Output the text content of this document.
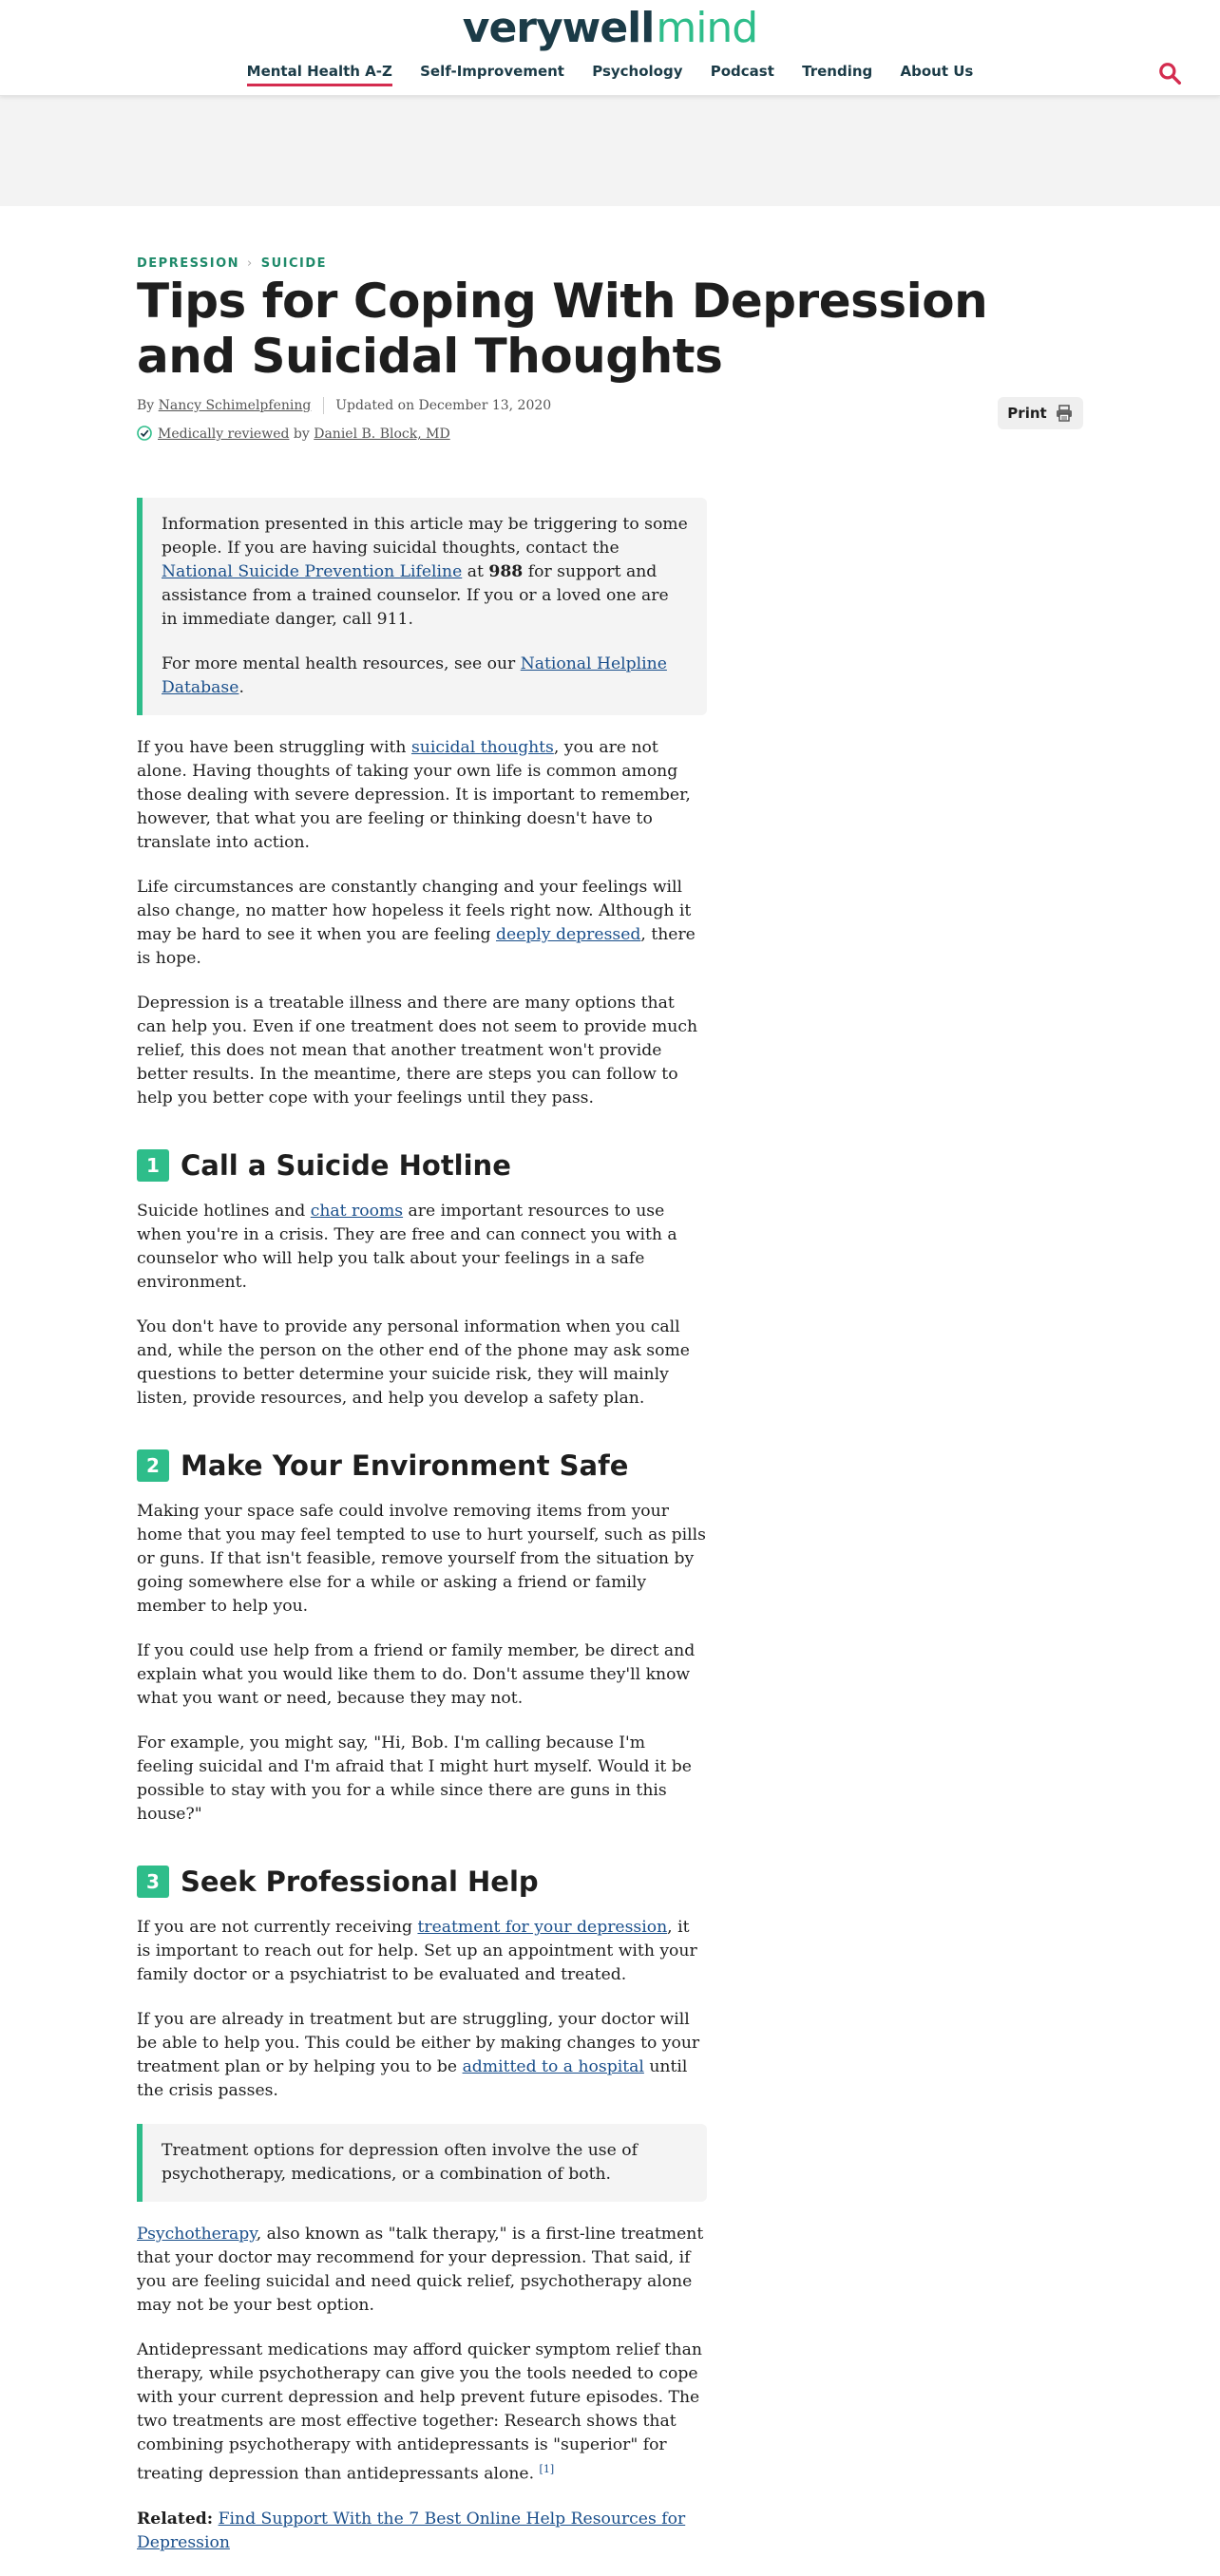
verywellmind
Mental Health A-Z Self-Improvement Psychology Podcast Trending About Us
DEPRESSION › SUICIDE
Tips for Coping With Depression and Suicidal Thoughts
By Nancy Schimelpfening Updated on December 13, 2020
Medically reviewed by Daniel B. Block, MD
Print

Information presented in this article may be triggering to some people. If you are having suicidal thoughts, contact the National Suicide Prevention Lifeline at 988 for support and assistance from a trained counselor. If you or a loved one are in immediate danger, call 911.

For more mental health resources, see our National Helpline Database.

If you have been struggling with suicidal thoughts, you are not alone. Having thoughts of taking your own life is common among those dealing with severe depression. It is important to remember, however, that what you are feeling or thinking doesn't have to translate into action.

Life circumstances are constantly changing and your feelings will also change, no matter how hopeless it feels right now. Although it may be hard to see it when you are feeling deeply depressed, there is hope.

Depression is a treatable illness and there are many options that can help you. Even if one treatment does not seem to provide much relief, this does not mean that another treatment won't provide better results. In the meantime, there are steps you can follow to help you better cope with your feelings until they pass.

1 Call a Suicide Hotline

Suicide hotlines and chat rooms are important resources to use when you're in a crisis. They are free and can connect you with a counselor who will help you talk about your feelings in a safe environment.

You don't have to provide any personal information when you call and, while the person on the other end of the phone may ask some questions to better determine your suicide risk, they will mainly listen, provide resources, and help you develop a safety plan.

2 Make Your Environment Safe

Making your space safe could involve removing items from your home that you may feel tempted to use to hurt yourself, such as pills or guns. If that isn't feasible, remove yourself from the situation by going somewhere else for a while or asking a friend or family member to help you.

If you could use help from a friend or family member, be direct and explain what you would like them to do. Don't assume they'll know what you want or need, because they may not.

For example, you might say, "Hi, Bob. I'm calling because I'm feeling suicidal and I'm afraid that I might hurt myself. Would it be possible to stay with you for a while since there are guns in this house?"

3 Seek Professional Help

If you are not currently receiving treatment for your depression, it is important to reach out for help. Set up an appointment with your family doctor or a psychiatrist to be evaluated and treated.

If you are already in treatment but are struggling, your doctor will be able to help you. This could be either by making changes to your treatment plan or by helping you to be admitted to a hospital until the crisis passes.

Treatment options for depression often involve the use of psychotherapy, medications, or a combination of both.

Psychotherapy, also known as "talk therapy," is a first-line treatment that your doctor may recommend for your depression. That said, if you are feeling suicidal and need quick relief, psychotherapy alone may not be your best option.

Antidepressant medications may afford quicker symptom relief than therapy, while psychotherapy can give you the tools needed to cope with your current depression and help prevent future episodes. The two treatments are most effective together: Research shows that combining psychotherapy with antidepressants is "superior" for treating depression than antidepressants alone. [1]

Related: Find Support With the 7 Best Online Help Resources for Depression
